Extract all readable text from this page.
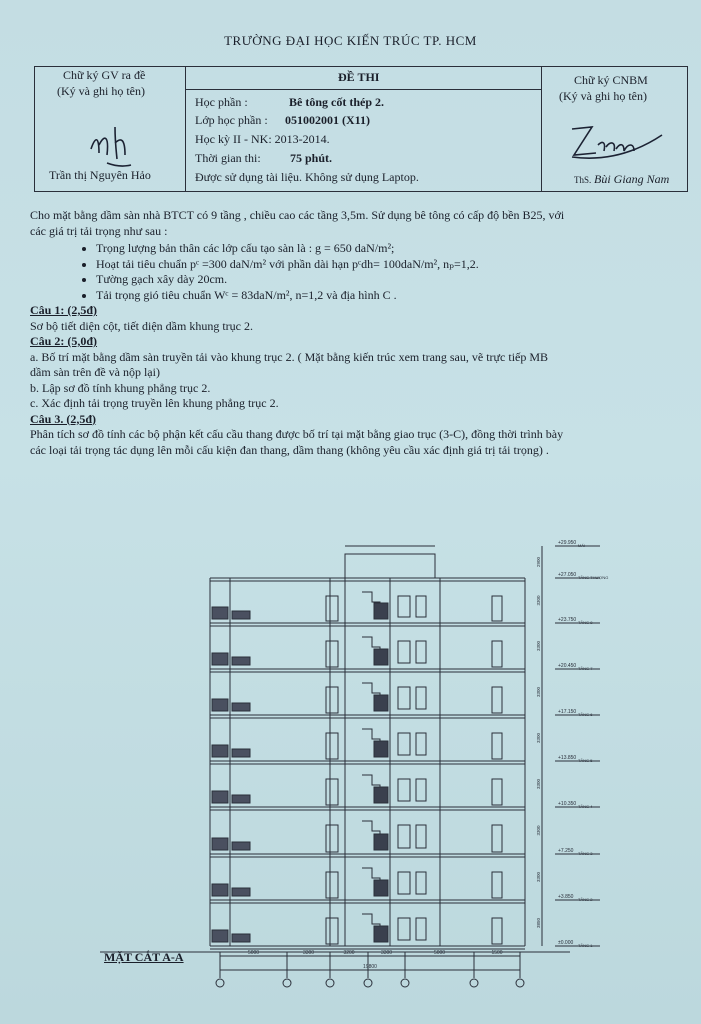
TRƯỜNG ĐẠI HỌC KIẾN TRÚC TP. HCM
Chữ ký GV ra đề
(Ký và ghi họ tên)
Trần thị Nguyên Hảo
ĐỀ THI
Học phần :	Bê tông cốt thép 2.
Lớp học phần : 051002001 (X11)
Học kỳ II - NK: 2013-2014.
Thời gian thi: 75 phút.
Được sử dụng tài liệu. Không sử dụng Laptop.
Chữ ký CNBM
(Ký và ghi họ tên)
ThS. Bùi Giang Nam

Cho mặt bằng dầm sàn nhà BTCT có 9 tầng , chiều cao các tầng 3,5m. Sử dụng bê tông có cấp độ bền B25, với

các giá trị tải trọng như sau :

• Trọng lượng bản thân các lớp cấu tạo sàn là : g = 650 daN/m²;
• Hoạt tải tiêu chuẩn pᶜ =300 daN/m² với phần dài hạn pᶜdh= 100daN/m², nₚ=1,2.
• Tường gạch xây dày 20cm.
• Tải trọng gió tiêu chuẩn Wᶜ = 83daN/m², n=1,2 và địa hình C .

Câu 1: (2,5đ)

Sơ bộ tiết diện cột, tiết diện dầm khung trục 2.

Câu 2: (5,0đ)

a. Bố trí mặt bằng dầm sàn truyền tải vào khung trục 2. ( Mặt bằng kiến trúc xem trang sau, vẽ trực tiếp MB

dầm sàn trên đề và nộp lại)

b. Lập sơ đồ tính khung phẳng trục 2.

c. Xác định tải trọng truyền lên khung phẳng trục 2.

Câu 3. (2,5đ)

Phân tích sơ đồ tính các bộ phận kết cấu cầu thang được bố trí tại mặt bằng giao trục (3-C), đồng thời trình bày

các loại tải trọng tác dụng lên mỗi cấu kiện đan thang, dầm thang (không yêu cầu xác định giá trị tải trọng) .

5000	3300	3200	3300	5000	1500
19800
±0.000 TẦNG 1
+3.850 TẦNG 2
+7.250 TẦNG 3
+10.350 TẦNG 4
+13.850 TẦNG 5
+17.150 TẦNG 6
+20.450 TẦNG 7
+23.750 TẦNG 8
+27.050 TẦNG THƯỢNG
+29.950 MÁI
3850
3300
3300
3300
3300
3300
3300
3300
2900
MẶT CẮT A-A
